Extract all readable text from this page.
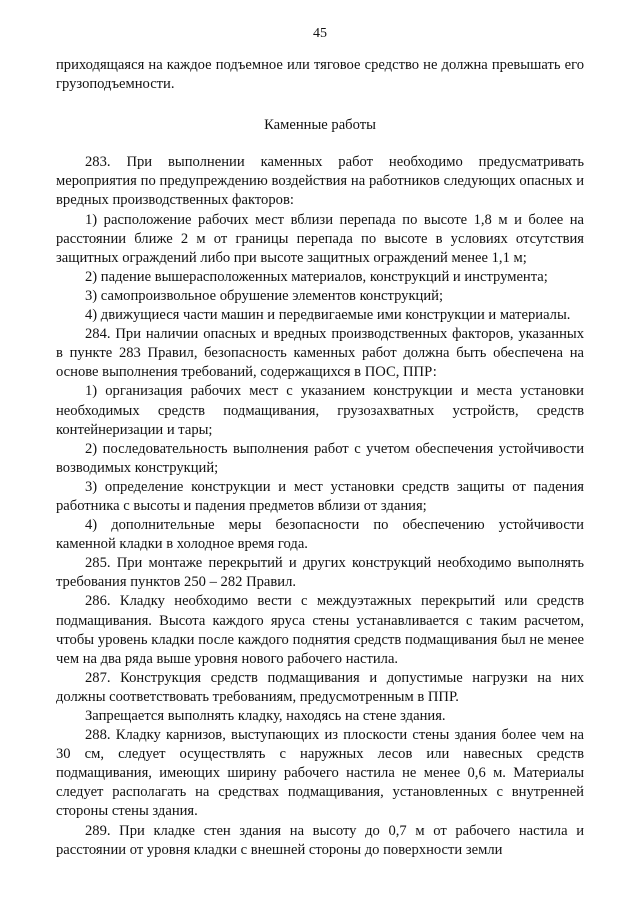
45

приходящаяся на каждое подъемное или тяговое средство не должна превышать его грузоподъемности.

Каменные работы

283. При выполнении каменных работ необходимо предусматривать мероприятия по предупреждению воздействия на работников следующих опасных и вредных производственных факторов:

1) расположение рабочих мест вблизи перепада по высоте 1,8 м и более на расстоянии ближе 2 м от границы перепада по высоте в условиях отсутствия защитных ограждений либо при высоте защитных ограждений менее 1,1 м;

2) падение вышерасположенных материалов, конструкций и инструмента;

3) самопроизвольное обрушение элементов конструкций;

4) движущиеся части машин и передвигаемые ими конструкции и материалы.

284. При наличии опасных и вредных производственных факторов, указанных в пункте 283 Правил, безопасность каменных работ должна быть обеспечена на основе выполнения требований, содержащихся в ПОС, ППР:

1) организация рабочих мест с указанием конструкции и места установки необходимых средств подмащивания, грузозахватных устройств, средств контейнеризации и тары;

2) последовательность выполнения работ с учетом обеспечения устойчивости возводимых конструкций;

3) определение конструкции и мест установки средств защиты от падения работника с высоты и падения предметов вблизи от здания;

4) дополнительные меры безопасности по обеспечению устойчивости каменной кладки в холодное время года.

285. При монтаже перекрытий и других конструкций необходимо выполнять требования пунктов 250 – 282 Правил.

286. Кладку необходимо вести с междуэтажных перекрытий или средств подмащивания. Высота каждого яруса стены устанавливается с таким расчетом, чтобы уровень кладки после каждого поднятия средств подмащивания был не менее чем на два ряда выше уровня нового рабочего настила.

287. Конструкция средств подмащивания и допустимые нагрузки на них должны соответствовать требованиям, предусмотренным в ППР.

Запрещается выполнять кладку, находясь на стене здания.

288. Кладку карнизов, выступающих из плоскости стены здания более чем на 30 см, следует осуществлять с наружных лесов или навесных средств подмащивания, имеющих ширину рабочего настила не менее 0,6 м. Материалы следует располагать на средствах подмащивания, установленных с внутренней стороны стены здания.

289. При кладке стен здания на высоту до 0,7 м от рабочего настила и расстоянии от уровня кладки с внешней стороны до поверхности земли
